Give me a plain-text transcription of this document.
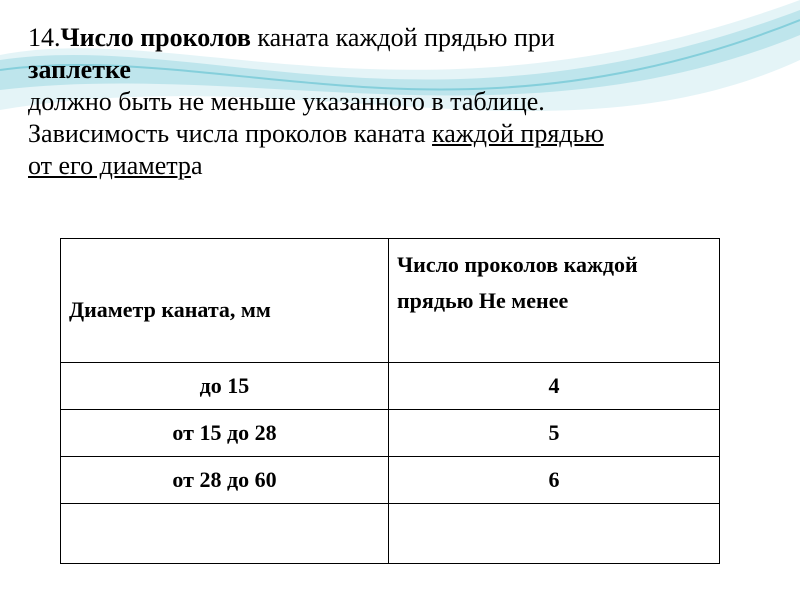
14.Число проколов каната каждой прядью при
заплетке
должно быть не меньше указанного в таблице.
Зависимость числа проколов каната каждой прядью
от его диаметра
Диаметр каната, мм	Число проколов каждой прядью Не менее
до 15	4
от 15 до 28	5
от 28 до 60	6
